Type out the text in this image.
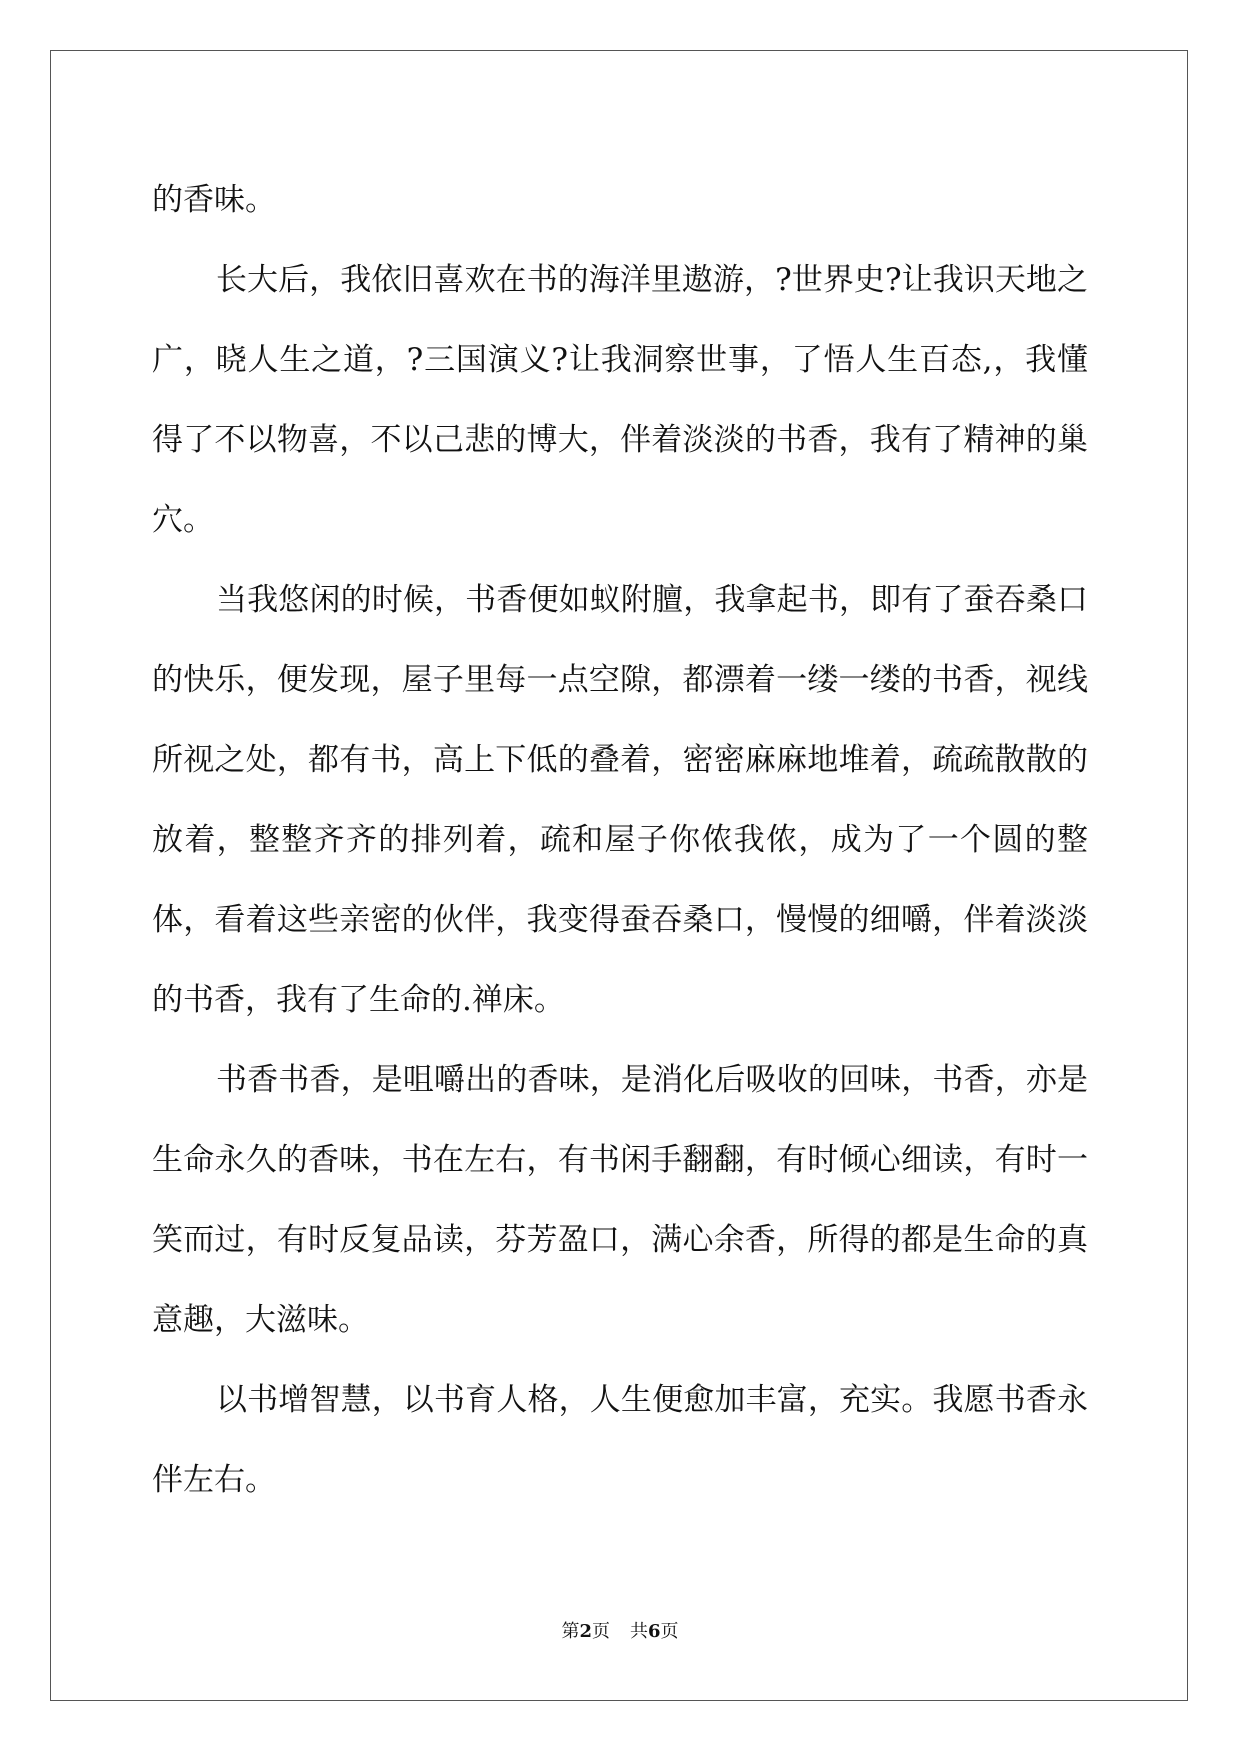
的香味。
长大后，我依旧喜欢在书的海洋里遨游，?世界史?让我识天地之
广，晓人生之道，?三国演义?让我洞察世事，了悟人生百态,，我懂
得了不以物喜，不以己悲的博大，伴着淡淡的书香，我有了精神的巢
穴。
当我悠闲的时候，书香便如蚁附膻，我拿起书，即有了蚕吞桑口
的快乐，便发现，屋子里每一点空隙，都漂着一缕一缕的书香，视线
所视之处，都有书，高上下低的叠着，密密麻麻地堆着，疏疏散散的
放着，整整齐齐的排列着，疏和屋子你侬我侬，成为了一个圆的整
体，看着这些亲密的伙伴，我变得蚕吞桑口，慢慢的细嚼，伴着淡淡
的书香，我有了生命的.禅床。
书香书香，是咀嚼出的香味，是消化后吸收的回味，书香，亦是
生命永久的香味，书在左右，有书闲手翻翻，有时倾心细读，有时一
笑而过，有时反复品读，芬芳盈口，满心余香，所得的都是生命的真
意趣，大滋味。
以书增智慧，以书育人格，人生便愈加丰富，充实。我愿书香永
伴左右。
第2页 共6页
